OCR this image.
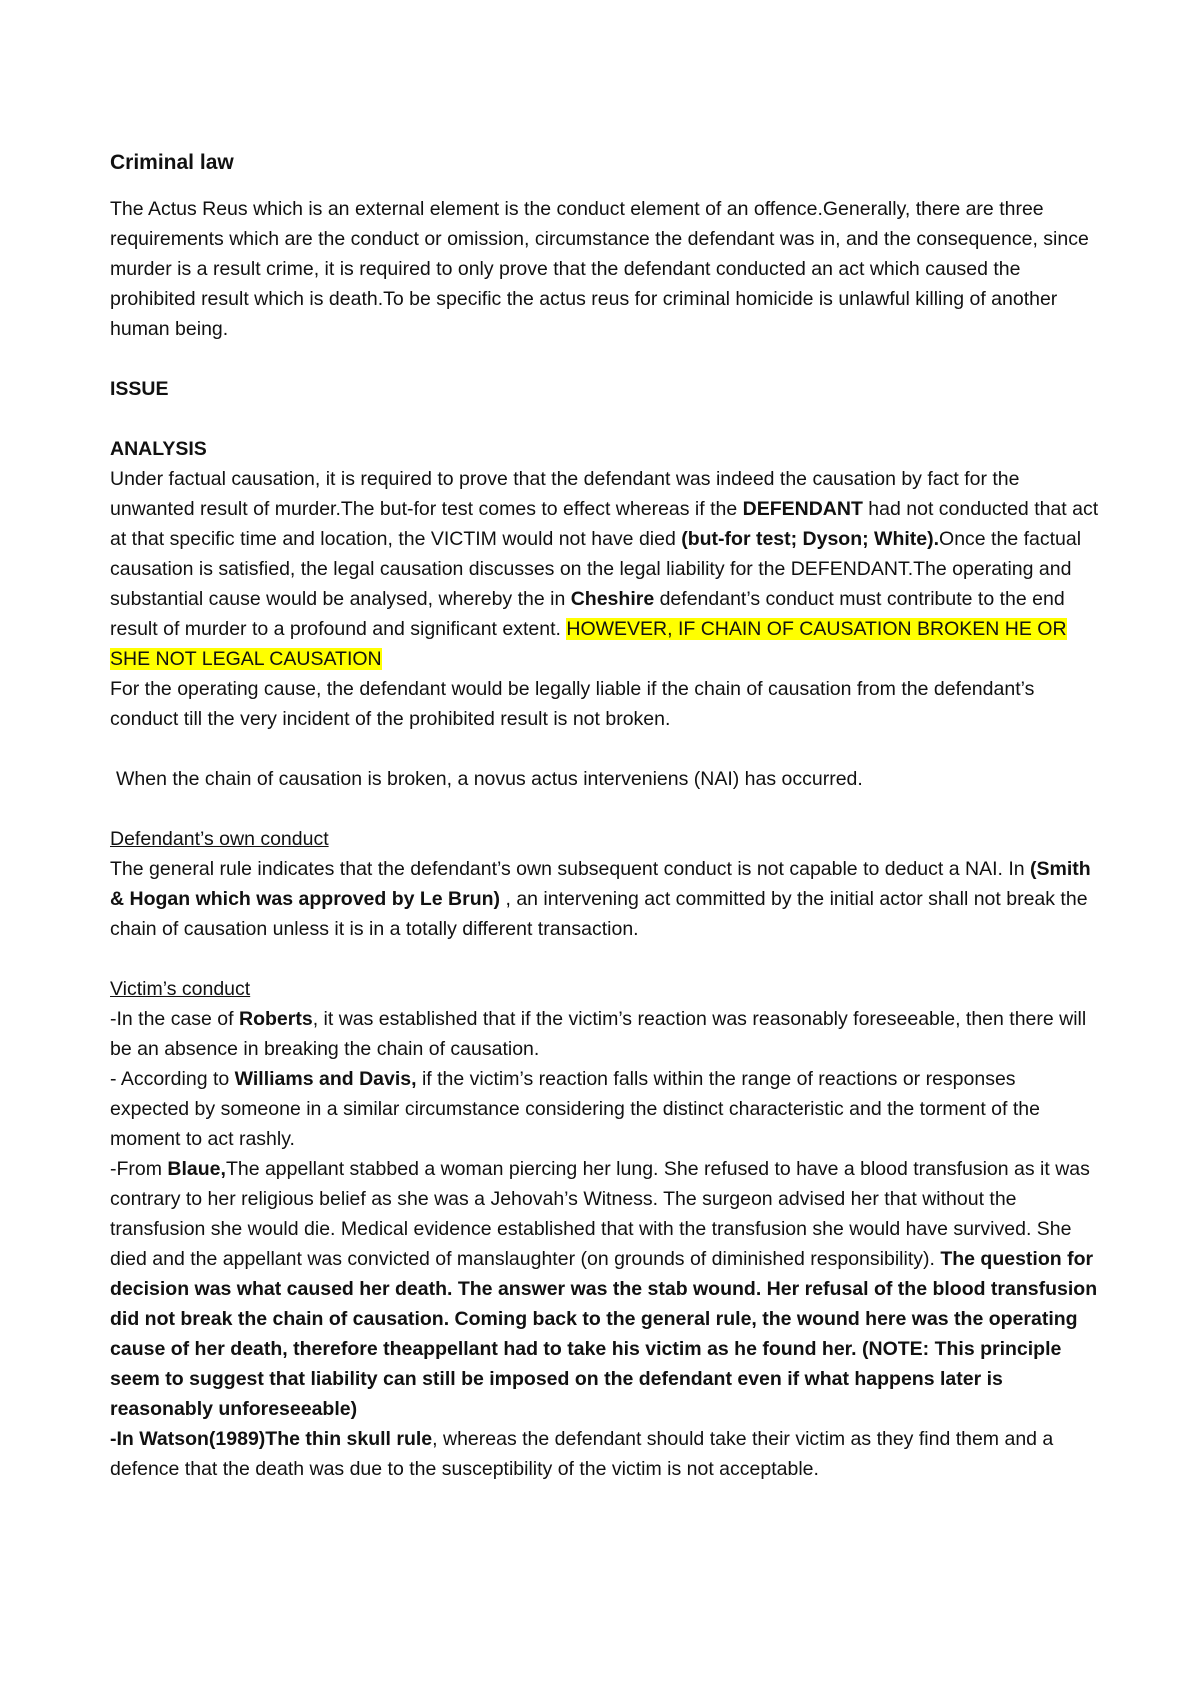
Criminal law

The Actus Reus which is an external element is the conduct element of an offence.Generally, there are three requirements which are the conduct or omission, circumstance the defendant was in, and the consequence, since murder is a result crime, it is required to only prove that the defendant conducted an act which caused the prohibited result which is death.To be specific the actus reus for criminal homicide is unlawful killing of another human being.

ISSUE

ANALYSIS

Under factual causation, it is required to prove that the defendant was indeed the causation by fact for the unwanted result of murder.The but-for test comes to effect whereas if the DEFENDANT had not conducted that act at that specific time and location, the VICTIM would not have died (but-for test; Dyson; White).Once the factual causation is satisfied, the legal causation discusses on the legal liability for the DEFENDANT.The operating and substantial cause would be analysed, whereby the in Cheshire defendant’s conduct must contribute to the end result of murder to a profound and significant extent. HOWEVER, IF CHAIN OF CAUSATION BROKEN HE OR SHE NOT LEGAL CAUSATION

For the operating cause, the defendant would be legally liable if the chain of causation from the defendant’s conduct till the very incident of the prohibited result is not broken.

When the chain of causation is broken, a novus actus interveniens (NAI) has occurred.

Defendant’s own conduct

The general rule indicates that the defendant’s own subsequent conduct is not capable to deduct a NAI. In (Smith & Hogan which was approved by Le Brun) , an intervening act committed by the initial actor shall not break the chain of causation unless it is in a totally different transaction.

Victim’s conduct

-In the case of Roberts, it was established that if the victim’s reaction was reasonably foreseeable, then there will be an absence in breaking the chain of causation.

- According to Williams and Davis, if the victim’s reaction falls within the range of reactions or responses expected by someone in a similar circumstance considering the distinct characteristic and the torment of the moment to act rashly.

-From Blaue,The appellant stabbed a woman piercing her lung. She refused to have a blood transfusion as it was contrary to her religious belief as she was a Jehovah’s Witness. The surgeon advised her that without the transfusion she would die. Medical evidence established that with the transfusion she would have survived. She died and the appellant was convicted of manslaughter (on grounds of diminished responsibility). The question for decision was what caused her death. The answer was the stab wound. Her refusal of the blood transfusion did not break the chain of causation. Coming back to the general rule, the wound here was the operating cause of her death, therefore theappellant had to take his victim as he found her. (NOTE: This principle seem to suggest that liability can still be imposed on the defendant even if what happens later is reasonably unforeseeable)

-In Watson(1989)The thin skull rule, whereas the defendant should take their victim as they find them and a defence that the death was due to the susceptibility of the victim is not acceptable.
